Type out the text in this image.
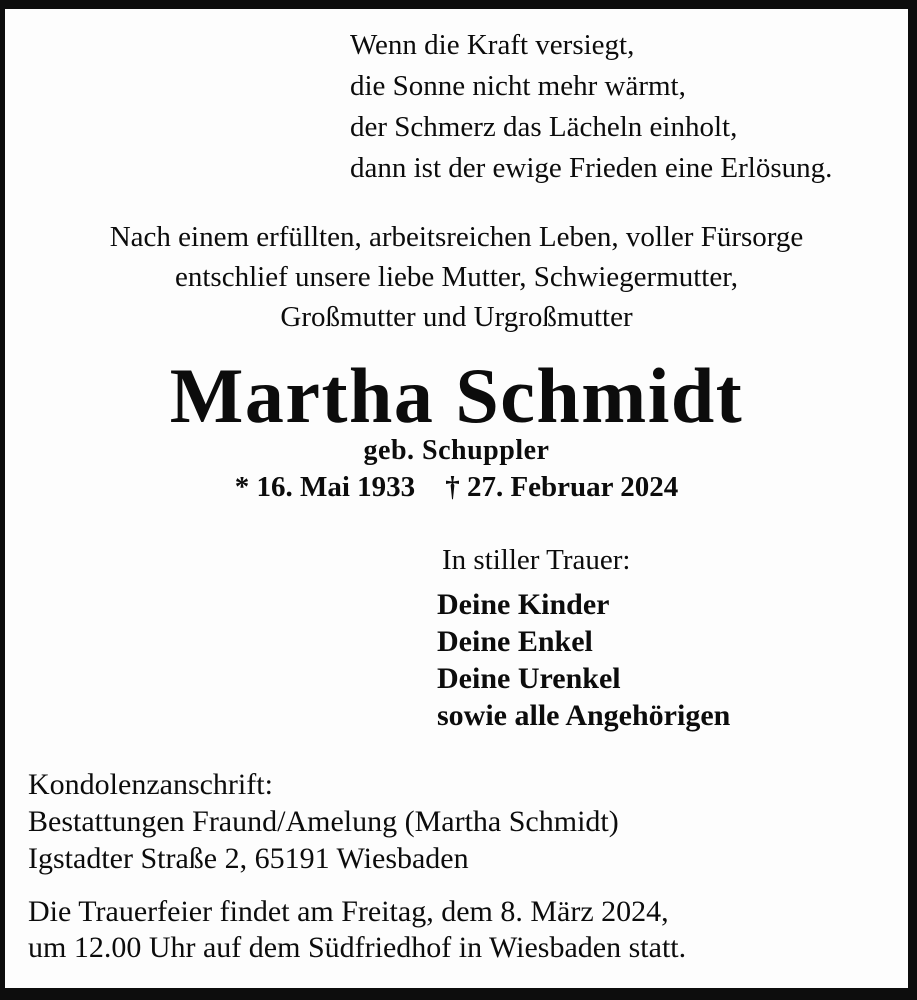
Wenn die Kraft versiegt,
die Sonne nicht mehr wärmt,
der Schmerz das Lächeln einholt,
dann ist der ewige Frieden eine Erlösung.
Nach einem erfüllten, arbeitsreichen Leben, voller Fürsorge
entschlief unsere liebe Mutter, Schwiegermutter,
Großmutter und Urgroßmutter
Martha Schmidt
geb. Schuppler
* 16. Mai 1933 † 27. Februar 2024
In stiller Trauer:
Deine Kinder
Deine Enkel
Deine Urenkel
sowie alle Angehörigen
Kondolenzanschrift:
Bestattungen Fraund/Amelung (Martha Schmidt)
Igstadter Straße 2, 65191 Wiesbaden
Die Trauerfeier findet am Freitag, dem 8. März 2024,
um 12.00 Uhr auf dem Südfriedhof in Wiesbaden statt.
